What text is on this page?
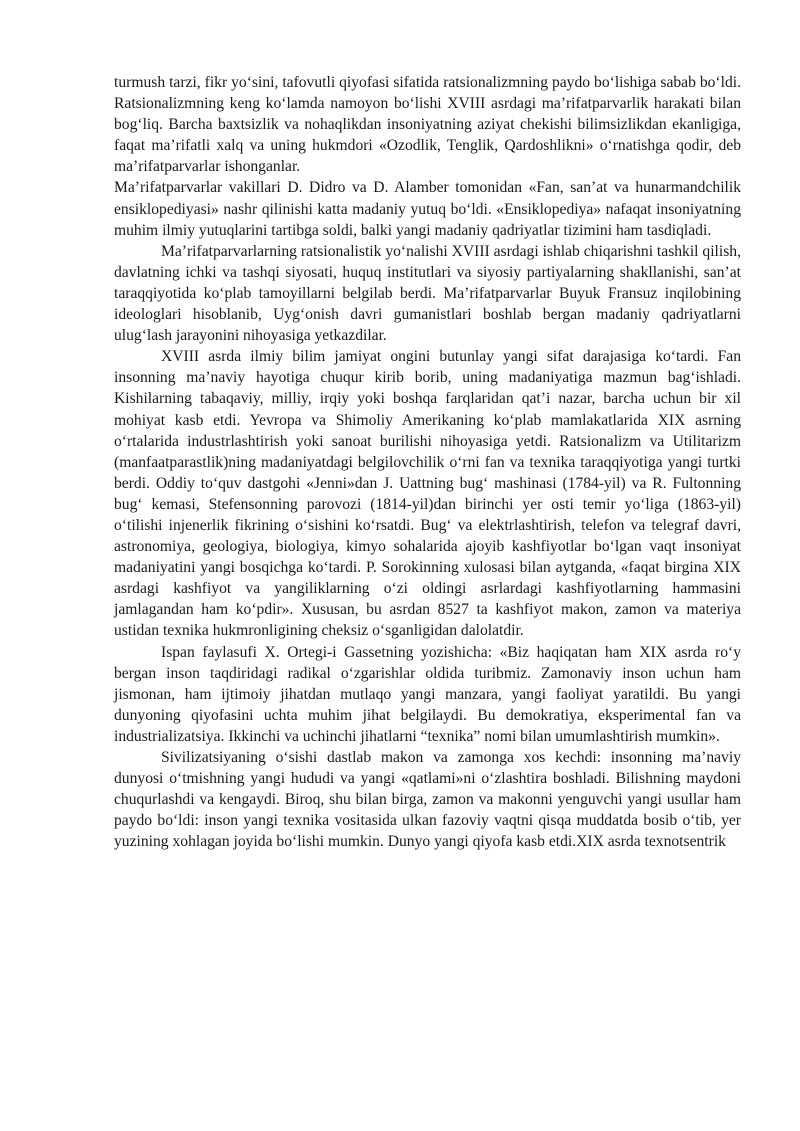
turmush tarzi, fikr yo‘sini, tafovutli qiyofasi sifatida ratsionalizmning paydo bo‘lishiga sabab bo‘ldi. Ratsionalizmning keng ko‘lamda namoyon bo‘lishi XVIII asrdagi ma’rifatparvarlik harakati bilan bog‘liq. Barcha baxtsizlik va nohaqlikdan insoniyatning aziyat chekishi bilimsizlikdan ekanligiga, faqat ma’rifatli xalq va uning hukmdori «Ozodlik, Tenglik, Qardoshlikni» o‘rnatishga qodir, deb ma’rifatparvarlar ishonganlar.

Ma’rifatparvarlar vakillari D. Didro va D. Alamber tomonidan «Fan, san’at va hunarmandchilik ensiklopediyasi» nashr qilinishi katta madaniy yutuq bo‘ldi. «Ensiklopediya» nafaqat insoniyatning muhim ilmiy yutuqlarini tartibga soldi, balki yangi madaniy qadriyatlar tizimini ham tasdiqladi.

Ma’rifatparvarlarning ratsionalistik yo‘nalishi XVIII asrdagi ishlab chiqarishni tashkil qilish, davlatning ichki va tashqi siyosati, huquq institutlari va siyosiy partiyalarning shakllanishi, san’at taraqqiyotida ko‘plab tamoyillarni belgilab berdi. Ma’rifatparvarlar Buyuk Fransuz inqilobining ideologlari hisoblanib, Uyg‘onish davri gumanistlari boshlab bergan madaniy qadriyatlarni ulug‘lash jarayonini nihoyasiga yetkazdilar.

XVIII asrda ilmiy bilim jamiyat ongini butunlay yangi sifat darajasiga ko‘tardi. Fan insonning ma’naviy hayotiga chuqur kirib borib, uning madaniyatiga mazmun bag‘ishladi. Kishilarning tabaqaviy, milliy, irqiy yoki boshqa farqlaridan qat’i nazar, barcha uchun bir xil mohiyat kasb etdi. Yevropa va Shimoliy Amerikaning ko‘plab mamlakatlarida XIX asrning o‘rtalarida industrlashtirish yoki sanoat burilishi nihoyasiga yetdi. Ratsionalizm va Utilitarizm (manfaatparastlik)ning madaniyatdagi belgilovchilik o‘rni fan va texnika taraqqiyotiga yangi turtki berdi. Oddiy to‘quv dastgohi «Jenni»dan J. Uattning bug‘ mashinasi (1784-yil) va R. Fultonning bug‘ kemasi, Stefensonning parovozi (1814-yil)dan birinchi yer osti temir yo‘liga (1863-yil) o‘tilishi injenerlik fikrining o‘sishini ko‘rsatdi. Bug‘ va elektrlashtirish, telefon va telegraf davri, astronomiya, geologiya, biologiya, kimyo sohalarida ajoyib kashfiyotlar bo‘lgan vaqt insoniyat madaniyatini yangi bosqichga ko‘tardi. P. Sorokinning xulosasi bilan aytganda, «faqat birgina XIX asrdagi kashfiyot va yangiliklarning o‘zi oldingi asrlardagi kashfiyotlarning hammasini jamlagandan ham ko‘pdir». Xususan, bu asrdan 8527 ta kashfiyot makon, zamon va materiya ustidan texnika hukmronligining cheksiz o‘sganligidan dalolatdir.

Ispan faylasufi X. Ortegi-i Gassetning yozishicha: «Biz haqiqatan ham XIX asrda ro‘y bergan inson taqdiridagi radikal o‘zgarishlar oldida turibmiz. Zamonaviy inson uchun ham jismonan, ham ijtimoiy jihatdan mutlaqo yangi manzara, yangi faoliyat yaratildi. Bu yangi dunyoning qiyofasini uchta muhim jihat belgilaydi. Bu demokratiya, eksperimental fan va industrializatsiya. Ikkinchi va uchinchi jihatlarni “texnika” nomi bilan umumlashtirish mumkin».

Sivilizatsiyaning o‘sishi dastlab makon va zamonga xos kechdi: insonning ma’naviy dunyosi o‘tmishning yangi hududi va yangi «qatlami»ni o‘zlashtira boshladi. Bilishning maydoni chuqurlashdi va kengaydi. Biroq, shu bilan birga, zamon va makonni yenguvchi yangi usullar ham paydo bo‘ldi: inson yangi texnika vositasida ulkan fazoviy vaqtni qisqa muddatda bosib o‘tib, yer yuzining xohlagan joyida bo‘lishi mumkin. Dunyo yangi qiyofa kasb etdi.XIX asrda texnotsentrik
